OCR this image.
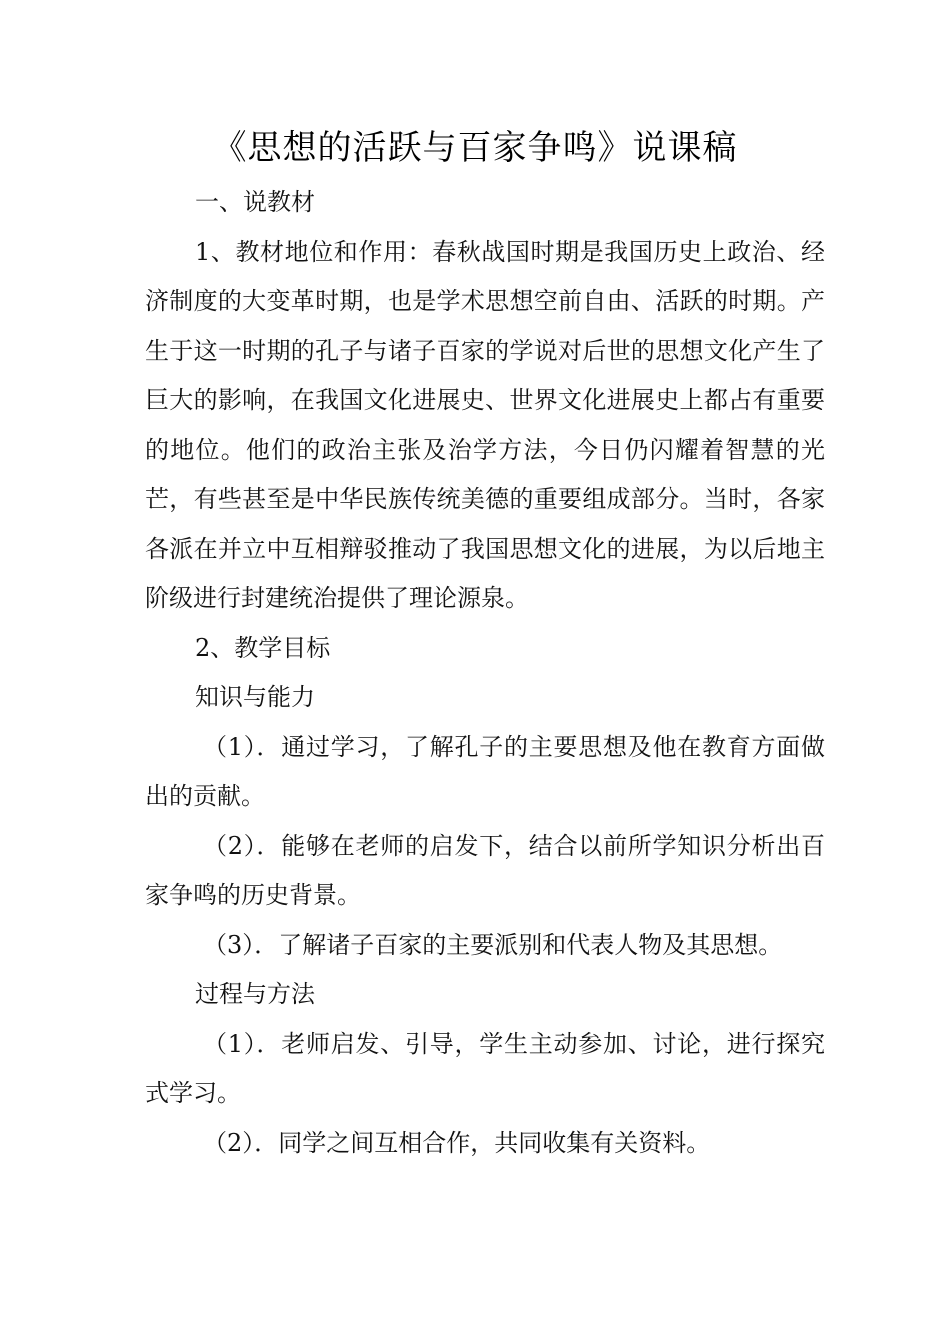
《思想的活跃与百家争鸣》说课稿

一、说教材

1、教材地位和作用：春秋战国时期是我国历史上政治、经济制度的大变革时期，也是学术思想空前自由、活跃的时期。产生于这一时期的孔子与诸子百家的学说对后世的思想文化产生了巨大的影响，在我国文化进展史、世界文化进展史上都占有重要的地位。他们的政治主张及治学方法，今日仍闪耀着智慧的光芒，有些甚至是中华民族传统美德的重要组成部分。当时，各家各派在并立中互相辩驳推动了我国思想文化的进展，为以后地主阶级进行封建统治提供了理论源泉。

2、教学目标

知识与能力

（1）．通过学习，了解孔子的主要思想及他在教育方面做出的贡献。

（2）．能够在老师的启发下，结合以前所学知识分析出百家争鸣的历史背景。

（3）．了解诸子百家的主要派别和代表人物及其思想。

过程与方法

（1）．老师启发、引导，学生主动参加、讨论，进行探究式学习。

（2）．同学之间互相合作，共同收集有关资料。
